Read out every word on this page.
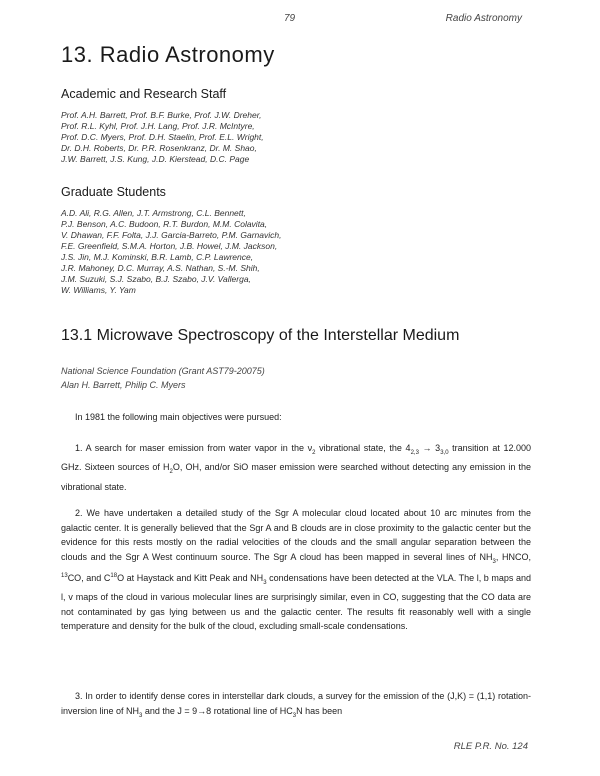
79	Radio Astronomy
13. Radio Astronomy
Academic and Research Staff
Prof. A.H. Barrett, Prof. B.F. Burke, Prof. J.W. Dreher,
Prof. R.L. Kyhl, Prof. J.H. Lang, Prof. J.R. McIntyre,
Prof. D.C. Myers, Prof. D.H. Staelin, Prof. E.L. Wright,
Dr. D.H. Roberts, Dr. P.R. Rosenkranz, Dr. M. Shao,
J.W. Barrett, J.S. Kung, J.D. Kierstead, D.C. Page
Graduate Students
A.D. Ali, R.G. Allen, J.T. Armstrong, C.L. Bennett,
P.J. Benson, A.C. Budoon, R.T. Burdon, M.M. Colavita,
V. Dhawan, F.F. Folta, J.J. Garcia-Barreto, P.M. Garnavich,
F.E. Greenfield, S.M.A. Horton, J.B. Howel, J.M. Jackson,
J.S. Jin, M.J. Kominski, B.R. Lamb, C.P. Lawrence,
J.R. Mahoney, D.C. Murray, A.S. Nathan, S.-M. Shih,
J.M. Suzuki, S.J. Szabo, B.J. Szabo, J.V. Vallerga,
W. Williams, Y. Yam
13.1 Microwave Spectroscopy of the Interstellar Medium
National Science Foundation (Grant AST79-20075)
Alan H. Barrett, Philip C. Myers

In 1981 the following main objectives were pursued:

1. A search for maser emission from water vapor in the $\nu_2$ vibrational state, the $4_{2,3} \to 3_{3,0}$ transition at 12.000 GHz. Sixteen sources of $H_2O$, OH, and/or SiO maser emission were searched without detecting any emission in the vibrational state.

2. We have undertaken a detailed study of the Sgr A molecular cloud located about 10 arc minutes from the galactic center. It is generally believed that the Sgr A and B clouds are in close proximity to the galactic center but the evidence for this rests mostly on the radial velocities of the clouds and the small angular separation between the clouds and the Sgr A West continuum source. The Sgr A cloud has been mapped in several lines of $NH_3$, HNCO, $^{13}$CO, and $C^{18}O$ at Haystack and Kitt Peak and $NH_3$ condensations have been detected at the VLA. The l, b maps and l, v maps of the cloud in various molecular lines are surprisingly similar, even in CO, suggesting that the CO data are not contaminated by gas lying between us and the galactic center. The results fit reasonably well with a single temperature and density for the bulk of the cloud, excluding small-scale condensations.

3. In order to identify dense cores in interstellar dark clouds, a survey for the emission of the (J,K) = (1,1) rotation-inversion line of $NH_3$ and the J = 9→8 rotational line of $HC_3N$ has been

RLE P.R. No. 124
